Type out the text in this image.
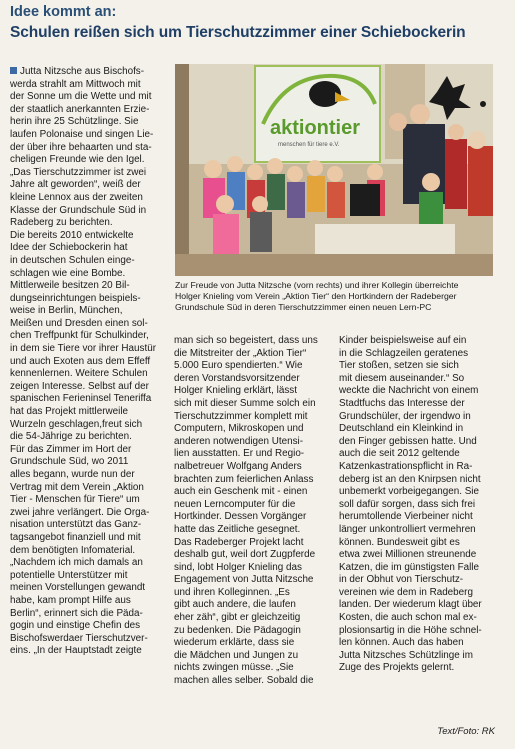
Idee kommt an:
Schulen reißen sich um Tierschutzzimmer einer Schiebockerin
Jutta Nitzsche aus Bischofs-
werda strahlt am Mittwoch mit
der Sonne um die Wette und mit
der staatlich anerkannten Erzie-
herin ihre 25 Schützlinge. Sie
laufen Polonaise und singen Lie-
der über ihre behaarten und sta-
cheligen Freunde wie den Igel.
„Das Tierschutzzimmer ist zwei
Jahre alt geworden“, weiß der
kleine Lennox aus der zweiten
Klasse der Grundschule Süd in
Radeberg zu berichten.
Die bereits 2010 entwickelte
Idee der Schiebockerin hat
in deutschen Schulen einge-
schlagen wie eine Bombe.
Mittlerweile besitzen 20 Bil-
dungseinrichtungen beispiels-
weise in Berlin, München,
Meißen und Dresden einen sol-
chen Treffpunkt für Schulkinder,
in dem sie Tiere vor ihrer Haustür
und auch Exoten aus dem Effeff
kennenlernen. Weitere Schulen
zeigen Interesse. Selbst auf der
spanischen Ferieninsel Teneriffa
hat das Projekt mittlerweile
Wurzeln geschlagen,freut sich
die 54-Jährige zu berichten.
Für das Zimmer im Hort der
Grundschule Süd, wo 2011
alles begann, wurde nun der
Vertrag mit dem Verein „Aktion
Tier - Menschen für Tiere“ um
zwei jahre verlängert. Die Orga-
nisation unterstützt das Ganz-
tagsangebot finanziell und mit
dem benötigten Infomaterial.
„Nachdem ich mich damals an
potentielle Unterstützer mit
meinen Vorstellungen gewandt
habe, kam prompt Hilfe aus
Berlin“, erinnert sich die Päda-
gogin und einstige Chefin des
Bischofswerdaer Tierschutzver-
eins. „In der Hauptstadt zeigte
aktiontier
menschen für tiere e.V.
Zur Freude von Jutta Nitzsche (vorn rechts) und ihrer Kollegin überreichte
Holger Knieling vom Verein „Aktion Tier“ den Hortkindern der Radeberger
Grundschule Süd in deren Tierschutzzimmer einen neuen Lern-PC
man sich so begeistert, dass uns
die Mitstreiter der „Aktion Tier“
5.000 Euro spendierten.“ Wie
deren Vorstandsvorsitzender
Holger Knieling erklärt, lässt
sich mit dieser Summe solch ein
Tierschutzzimmer komplett mit
Computern, Mikroskopen und
anderen notwendigen Utensi-
lien ausstatten. Er und Regio-
nalbetreuer Wolfgang Anders
brachten zum feierlichen Anlass
auch ein Geschenk mit - einen
neuen Lerncomputer für die
Hortkinder. Dessen Vorgänger
hatte das Zeitliche gesegnet.
Das Radeberger Projekt lacht
deshalb gut, weil dort Zugpferde
sind, lobt Holger Knieling das
Engagement von Jutta Nitzsche
und ihren Kolleginnen. „Es
gibt auch andere, die laufen
eher zäh“, gibt er gleichzeitig
zu bedenken. Die Pädagogin
wiederum erklärte, dass sie
die Mädchen und Jungen zu
nichts zwingen müsse. „Sie
machen alles selber. Sobald die
Kinder beispielsweise auf ein
in die Schlagzeilen geratenes
Tier stoßen, setzen sie sich
mit diesem auseinander.“ So
weckte die Nachricht von einem
Stadtfuchs das Interesse der
Grundschüler, der irgendwo in
Deutschland ein Kleinkind in
den Finger gebissen hatte. Und
auch die seit 2012 geltende
Katzenkastrationspflicht in Ra-
deberg ist an den Knirpsen nicht
unbemerkt vorbeigegangen. Sie
soll dafür sorgen, dass sich frei
herumtollende Vierbeiner nicht
länger unkontrolliert vermehren
können. Bundesweit gibt es
etwa zwei Millionen streunende
Katzen, die im günstigsten Falle
in der Obhut von Tierschutz-
vereinen wie dem in Radeberg
landen. Der wiederum klagt über
Kosten, die auch schon mal ex-
plosionsartig in die Höhe schnel-
len können. Auch das haben
Jutta Nitzsches Schützlinge im
Zuge des Projekts gelernt.
Text/Foto: RK
